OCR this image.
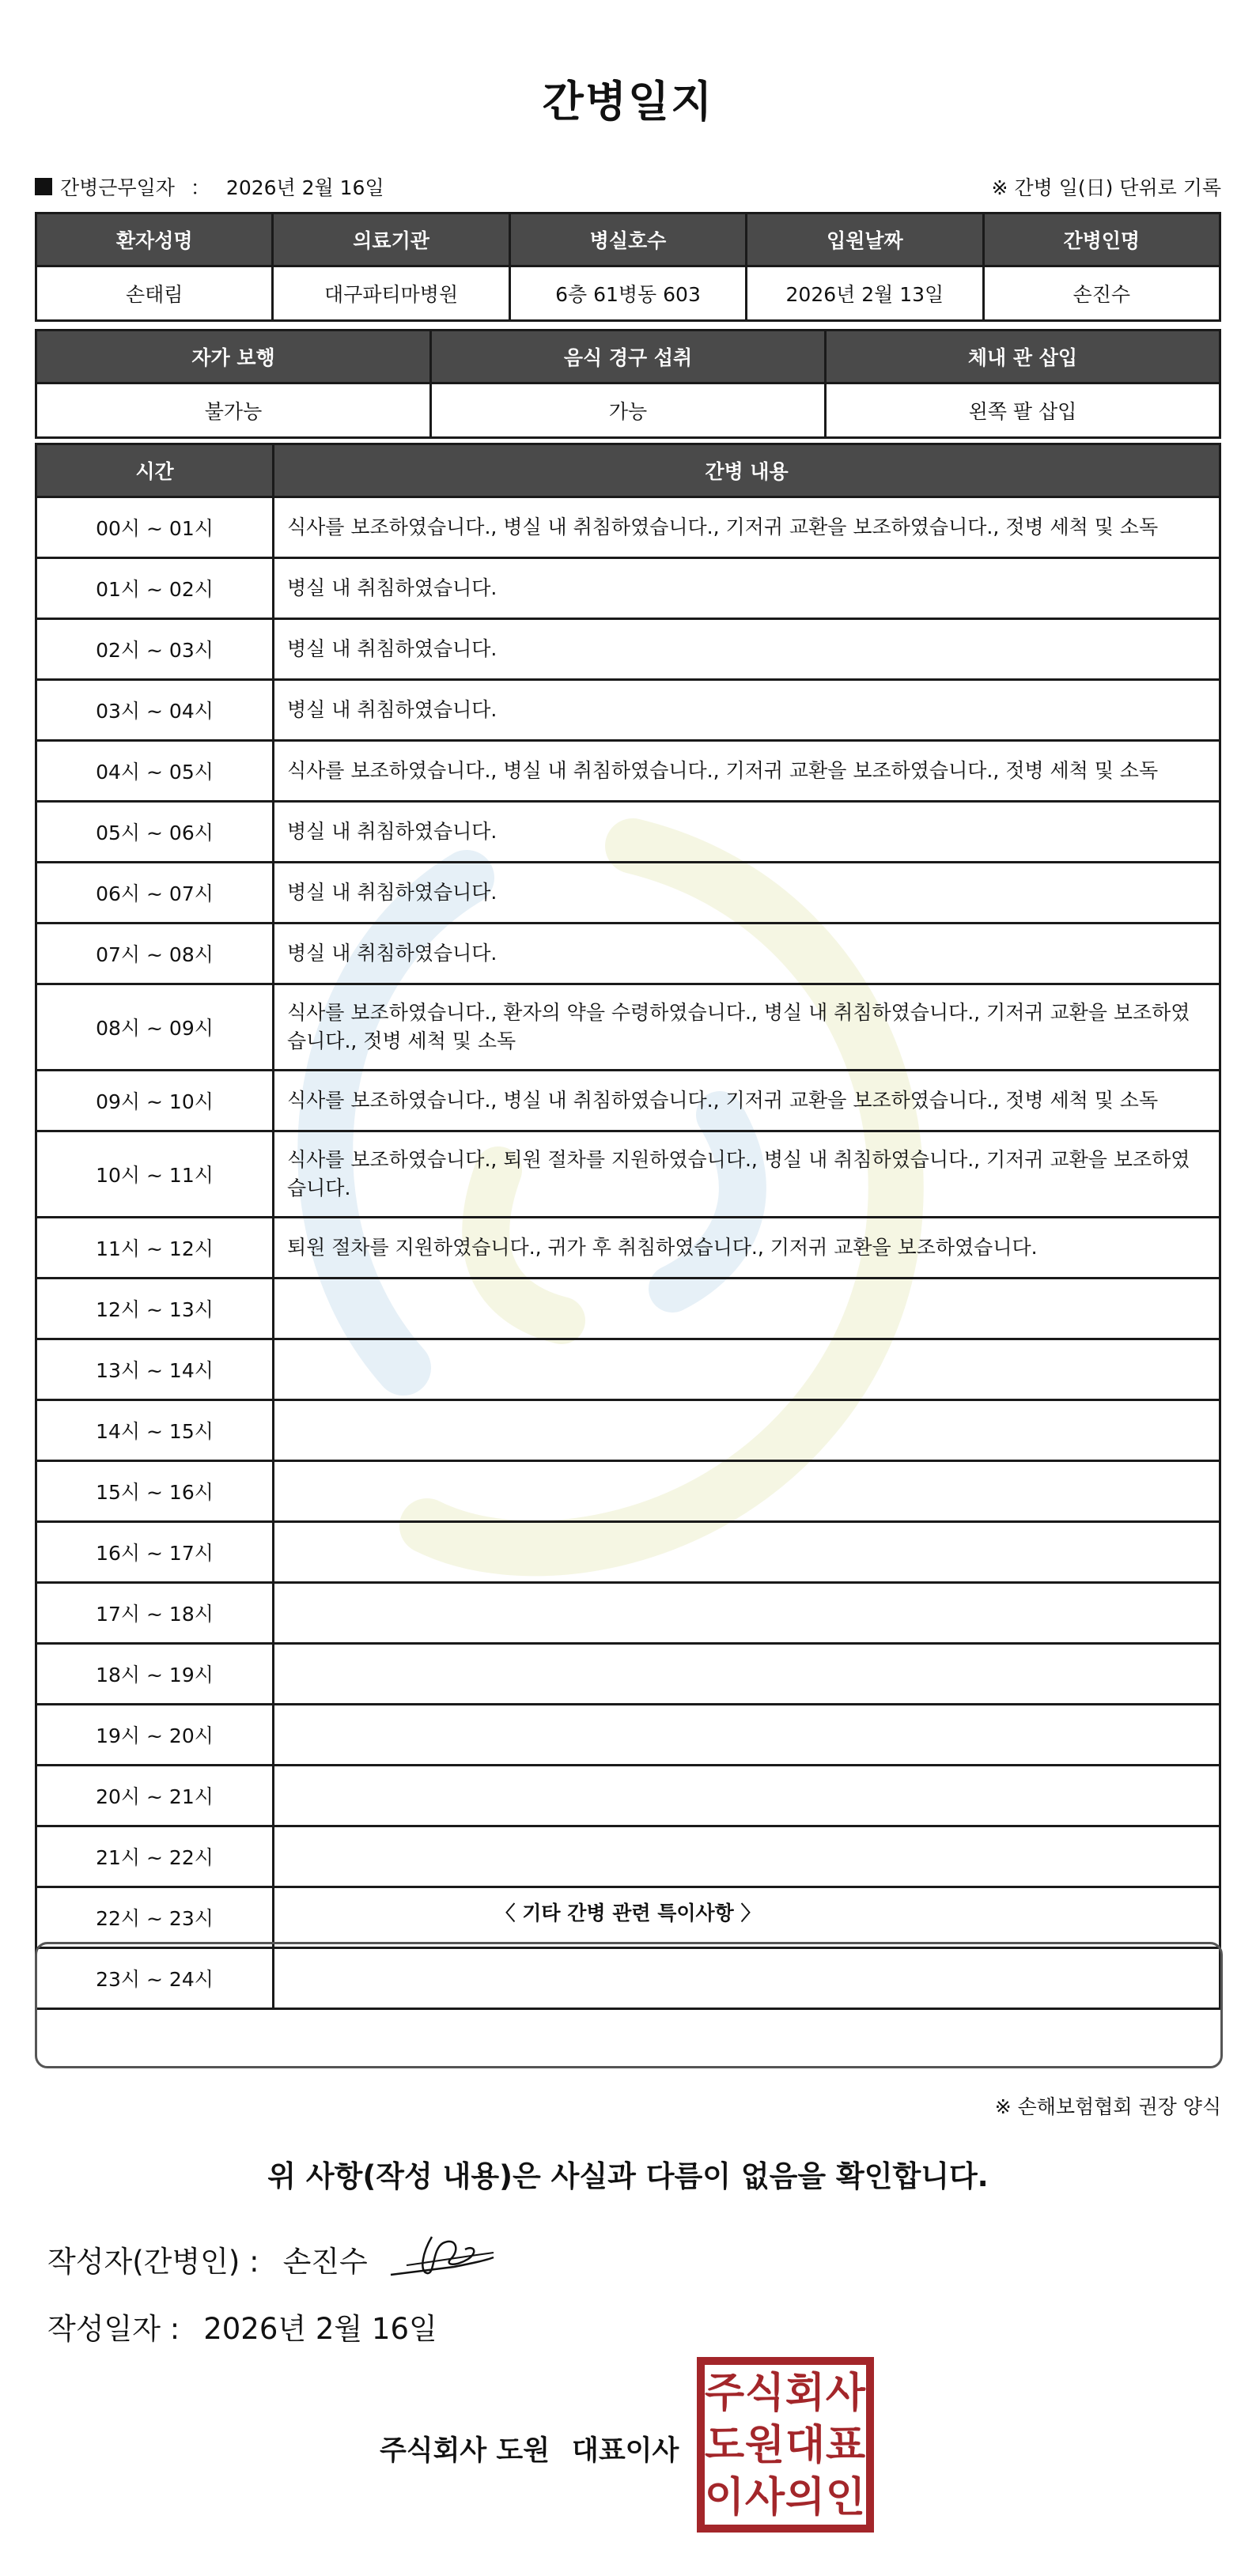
간병일지
간병근무일자 ： 2026년 2월 16일	※ 간병 일(日) 단위로 기록
환자성명	의료기관	병실호수	입원날짜	간병인명
손태림	대구파티마병원	6층 61병동 603	2026년 2월 13일	손진수
자가 보행	음식 경구 섭취	체내 관 삽입
불가능	가능	왼쪽 팔 삽입
시간	간병 내용
00시 ~ 01시	식사를 보조하였습니다., 병실 내 취침하였습니다., 기저귀 교환을 보조하였습니다., 젓병 세척 및 소독
01시 ~ 02시	병실 내 취침하였습니다.
02시 ~ 03시	병실 내 취침하였습니다.
03시 ~ 04시	병실 내 취침하였습니다.
04시 ~ 05시	식사를 보조하였습니다., 병실 내 취침하였습니다., 기저귀 교환을 보조하였습니다., 젓병 세척 및 소독
05시 ~ 06시	병실 내 취침하였습니다.
06시 ~ 07시	병실 내 취침하였습니다.
07시 ~ 08시	병실 내 취침하였습니다.
08시 ~ 09시	식사를 보조하였습니다., 환자의 약을 수령하였습니다., 병실 내 취침하였습니다., 기저귀 교환을 보조하였습니다., 젓병 세척 및 소독
09시 ~ 10시	식사를 보조하였습니다., 병실 내 취침하였습니다., 기저귀 교환을 보조하였습니다., 젓병 세척 및 소독
10시 ~ 11시	식사를 보조하였습니다., 퇴원 절차를 지원하였습니다., 병실 내 취침하였습니다., 기저귀 교환을 보조하였습니다.
11시 ~ 12시	퇴원 절차를 지원하였습니다., 귀가 후 취침하였습니다., 기저귀 교환을 보조하였습니다.
12시 ~ 13시	
13시 ~ 14시	
14시 ~ 15시	
15시 ~ 16시	
16시 ~ 17시	
17시 ~ 18시	
18시 ~ 19시	
19시 ~ 20시	
20시 ~ 21시	
21시 ~ 22시	
22시 ~ 23시	
23시 ~ 24시	
〈 기타 간병 관련 특이사항 〉
※ 손해보험협회 권장 양식
위 사항(작성 내용)은 사실과 다름이 없음을 확인합니다.
작성자(간병인) : 손진수
작성일자 : 2026년 2월 16일
주식회사 도원 대표이사
주 식 회 사
도 원 대 표
이 사 의 인
